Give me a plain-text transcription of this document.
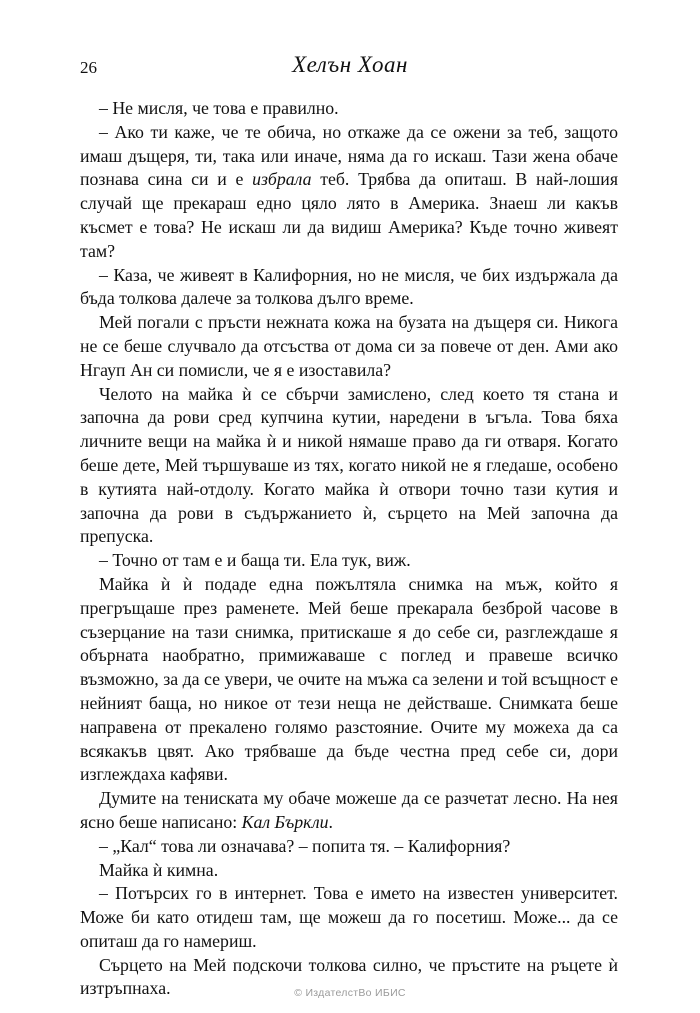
26	Хелън Хоан

– Не мисля, че това е правилно.

– Ако ти каже, че те обича, но откаже да се ожени за теб, защото имаш дъщеря, ти, така или иначе, няма да го искаш. Тази жена обаче познава сина си и е избрала теб. Трябва да опиташ. В най-лошия случай ще прекараш едно цяло лято в Америка. Знаеш ли какъв късмет е това? Не искаш ли да видиш Америка? Къде точно живеят там?

– Каза, че живеят в Калифорния, но не мисля, че бих издържала да бъда толкова далече за толкова дълго време.

Мей погали с пръсти нежната кожа на бузата на дъщеря си. Никога не се беше случвало да отсъства от дома си за повече от ден. Ами ако Нгауп Ан си помисли, че я е изоставила?

Челото на майка ѝ се сбърчи замислено, след което тя стана и започна да рови сред купчина кутии, наредени в ъгъла. Това бяха личните вещи на майка ѝ и никой нямаше право да ги отваря. Когато беше дете, Мей тършуваше из тях, когато никой не я гледаше, особено в кутията най-отдолу. Когато майка ѝ отвори точно тази кутия и започна да рови в съдържанието ѝ, сърцето на Мей започна да препуска.

– Точно от там е и баща ти. Ела тук, виж.

Майка ѝ ѝ подаде една пожълтяла снимка на мъж, който я прегръщаше през раменете. Мей беше прекарала безброй часове в съзерцание на тази снимка, притискаше я до себе си, разглеждаше я обърната наобратно, примижаваше с поглед и правеше всичко възможно, за да се увери, че очите на мъжа са зелени и той всъщност е нейният баща, но никое от тези неща не действаше. Снимката беше направена от прекалено голямо разстояние. Очите му можеха да са всякакъв цвят. Ако трябваше да бъде честна пред себе си, дори изглеждаха кафяви.

Думите на тениската му обаче можеше да се разчетат лесно. На нея ясно беше написано: Кал Бъркли.

– „Кал“ това ли означава? – попита тя. – Калифорния?

Майка ѝ кимна.

– Потърсих го в интернет. Това е името на известен университет. Може би като отидеш там, ще можеш да го посетиш. Може... да се опиташ да го намериш.

Сърцето на Мей подскочи толкова силно, че пръстите на ръцете ѝ изтръпнаха.	© ИздателстВо ИБИС
